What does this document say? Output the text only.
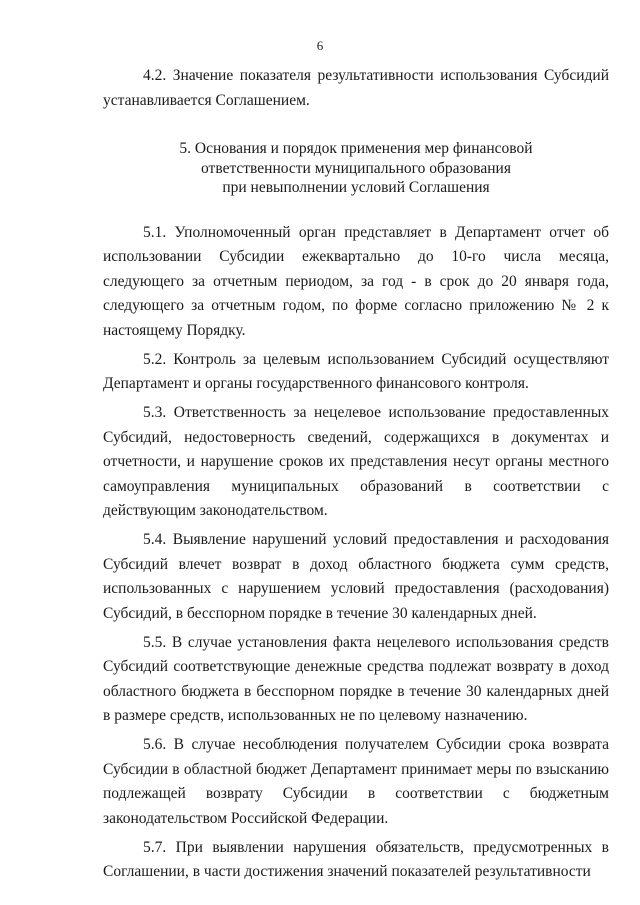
6

4.2. Значение показателя результативности использования Субсидий устанавливается Соглашением.

5. Основания и порядок применения мер финансовой
ответственности муниципального образования
при невыполнении условий Соглашения

5.1. Уполномоченный орган представляет в Департамент отчет об использовании Субсидии ежеквартально до 10-го числа месяца, следующего за отчетным периодом, за год - в срок до 20 января года, следующего за отчетным годом, по форме согласно приложению № 2 к настоящему Порядку.

5.2. Контроль за целевым использованием Субсидий осуществляют Департамент и органы государственного финансового контроля.

5.3. Ответственность за нецелевое использование предоставленных Субсидий, недостоверность сведений, содержащихся в документах и отчетности, и нарушение сроков их представления несут органы местного самоуправления муниципальных образований в соответствии с действующим законодательством.

5.4. Выявление нарушений условий предоставления и расходования Субсидий влечет возврат в доход областного бюджета сумм средств, использованных с нарушением условий предоставления (расходования) Субсидий, в бесспорном порядке в течение 30 календарных дней.

5.5. В случае установления факта нецелевого использования средств Субсидий соответствующие денежные средства подлежат возврату в доход областного бюджета в бесспорном порядке в течение 30 календарных дней в размере средств, использованных не по целевому назначению.

5.6. В случае несоблюдения получателем Субсидии срока возврата Субсидии в областной бюджет Департамент принимает меры по взысканию подлежащей возврату Субсидии в соответствии с бюджетным законодательством Российской Федерации.

5.7. При выявлении нарушения обязательств, предусмотренных в Соглашении, в части достижения значений показателей результативности
